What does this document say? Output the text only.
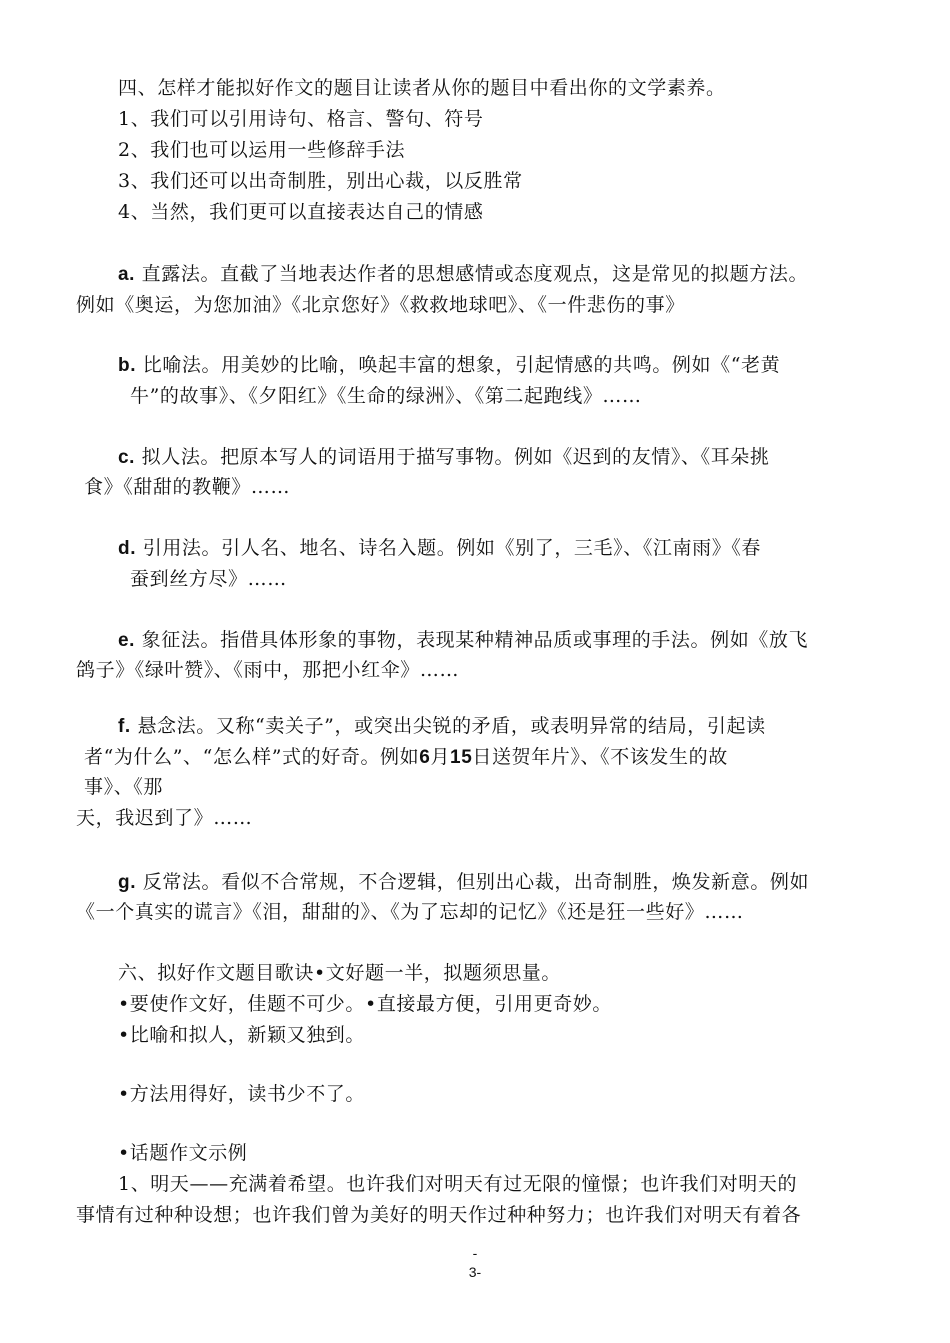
四、怎样才能拟好作文的题目让读者从你的题目中看出你的文学素养。
1、我们可以引用诗句、格言、警句、符号
2、我们也可以运用一些修辞手法
3、我们还可以出奇制胜，别出心裁，以反胜常
4、当然，我们更可以直接表达自己的情感
a. 直露法。直截了当地表达作者的思想感情或态度观点，这是常见的拟题方法。
例如《奥运，为您加油》《北京您好》《救救地球吧》、《一件悲伤的事》
b. 比喻法。用美妙的比喻，唤起丰富的想象，引起情感的共鸣。例如《“老黄
牛”的故事》、《夕阳红》《生命的绿洲》、《第二起跑线》……
c. 拟人法。把原本写人的词语用于描写事物。例如《迟到的友情》、《耳朵挑
食》《甜甜的教鞭》……
d. 引用法。引人名、地名、诗名入题。例如《别了，三毛》、《江南雨》《春
蚕到丝方尽》……
e. 象征法。指借具体形象的事物，表现某种精神品质或事理的手法。例如《放飞
鸽子》《绿叶赞》、《雨中，那把小红伞》……
f. 悬念法。又称“卖关子”，或突出尖锐的矛盾，或表明异常的结局，引起读
者“为什么”、“怎么样”式的好奇。例如6月15日送贺年片》、《不该发生的故
事》、《那
天，我迟到了》……
g. 反常法。看似不合常规，不合逻辑，但别出心裁，出奇制胜，焕发新意。例如
《一个真实的谎言》《泪，甜甜的》、《为了忘却的记忆》《还是狂一些好》……
六、拟好作文题目歌诀•文好题一半，拟题须思量。
•要使作文好，佳题不可少。•直接最方便，引用更奇妙。
•比喻和拟人，新颖又独到。
•方法用得好，读书少不了。
•话题作文示例
1、明天——充满着希望。也许我们对明天有过无限的憧憬；也许我们对明天的
事情有过种种设想；也许我们曾为美好的明天作过种种努力；也许我们对明天有着各
-
3-
